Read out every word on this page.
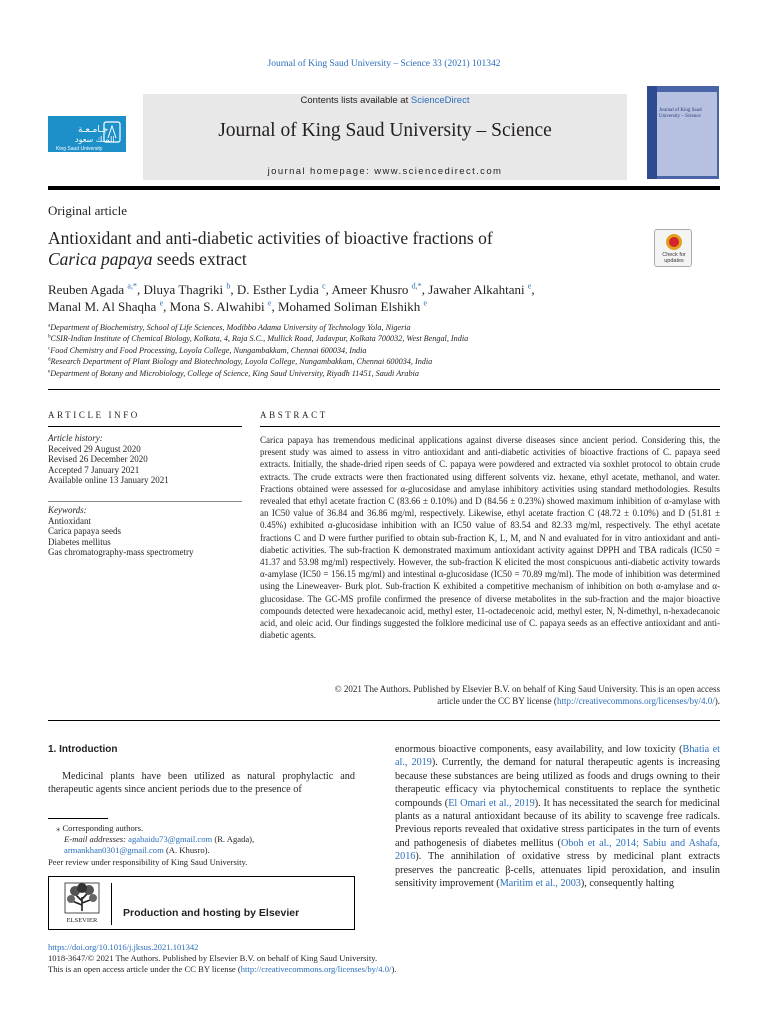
Journal of King Saud University – Science 33 (2021) 101342
جـامـعـة
الملك سعود
King Saud University
Contents lists available at ScienceDirect
Journal of King Saud University – Science
journal homepage: www.sciencedirect.com
Journal of King Saud University – Science
Original article
Antioxidant and anti-diabetic activities of bioactive fractions of
Carica papaya seeds extract	Check for updates
Reuben Agada $^{a,*}$, Dluya Thagriki $^b$, D. Esther Lydia $^c$, Ameer Khusro $^{d,*}$, Jawaher Alkahtani $^e$,
Manal M. Al Shaqha $^e$, Mona S. Alwahibi $^e$, Mohamed Soliman Elshikh $^e$
$^a$Department of Biochemistry, School of Life Sciences, Modibbo Adama University of Technology Yola, Nigeria
$^b$CSIR-Indian Institute of Chemical Biology, Kolkata, 4, Raja S.C., Mullick Road, Jadavpur, Kolkata 700032, West Bengal, India
$^c$Food Chemistry and Food Processing, Loyola College, Nungambakkam, Chennai 600034, India
$^d$Research Department of Plant Biology and Biotechnology, Loyola College, Nungambakkam, Chennai 600034, India
$^e$Department of Botany and Microbiology, College of Science, King Saud University, Riyadh 11451, Saudi Arabia
ARTICLE INFO
Article history:
Received 29 August 2020
Revised 26 December 2020
Accepted 7 January 2021
Available online 13 January 2021
Keywords:
Antioxidant
Carica papaya seeds
Diabetes mellitus
Gas chromatography-mass spectrometry
ABSTRACT
Carica papaya has tremendous medicinal applications against diverse diseases since ancient period. Considering this, the present study was aimed to assess in vitro antioxidant and anti-diabetic activities of bioactive fractions of C. papaya seed extracts. Initially, the shade-dried ripen seeds of C. papaya were powdered and extracted via soxhlet protocol to obtain crude extracts. The crude extracts were then fractionated using different solvents viz. hexane, ethyl acetate, methanol, and water. Fractions obtained were assessed for α-glucosidase and amylase inhibitory activities using standard methodologies. Results revealed that ethyl acetate fraction C (83.66 ± 0.10%) and D (84.56 ± 0.23%) showed maximum inhibition of α-amylase with an IC50 value of 36.84 and 36.86 mg/ml, respectively. Likewise, ethyl acetate fraction C (48.72 ± 0.10%) and D (51.81 ± 0.45%) exhibited α-glucosidase inhibition with an IC50 value of 83.54 and 82.33 mg/ml, respectively. The ethyl acetate fractions C and D were further purified to obtain sub-fraction K, L, M, and N and evaluated for in vitro antioxidant and anti-diabetic activities. The sub-fraction K demonstrated maximum antioxidant activity against DPPH and TBA radicals (IC50 = 41.37 and 53.98 mg/ml) respectively. However, the sub-fraction K elicited the most conspicuous anti-diabetic activity towards α-amylase (IC50 = 156.15 mg/ml) and intestinal α-glucosidase (IC50 = 70.89 mg/ml). The mode of inhibition was determined using the Lineweaver- Burk plot. Sub-fraction K exhibited a competitive mechanism of inhibition on both α-amylase and α-glucosidase. The GC-MS profile confirmed the presence of diverse metabolites in the sub-fraction and the major bioactive compounds detected were hexadecanoic acid, methyl ester, 11-octadecenoic acid, methyl ester, N, N-dimethyl, n-hexadecanoic acid, and oleic acid. Our findings suggested the folklore medicinal use of C. papaya seeds as an effective antioxidant and anti-diabetic agents.
© 2021 The Authors. Published by Elsevier B.V. on behalf of King Saud University. This is an open access
article under the CC BY license (http://creativecommons.org/licenses/by/4.0/).
1. Introduction
Medicinal plants have been utilized as natural prophylactic and therapeutic agents since ancient periods due to the presence of
enormous bioactive components, easy availability, and low toxicity (Bhatia et al., 2019). Currently, the demand for natural therapeutic agents is increasing because these substances are being utilized as foods and drugs owning to their therapeutic efficacy via phytochemical constituents to replace the synthetic compounds (El Omari et al., 2019). It has necessitated the search for medicinal plants as a natural antioxidant because of its ability to scavenge free radicals. Previous reports revealed that oxidative stress participates in the turn of events and pathogenesis of diabetes mellitus (Oboh et al., 2014; Sabiu and Ashafa, 2016). The annihilation of oxidative stress by medicinal plant extracts preserves the pancreatic β-cells, attenuates lipid peroxidation, and insulin sensitivity improvement (Maritim et al., 2003), consequently halting
⁎ Corresponding authors.
E-mail addresses: agabaidu73@gmail.com (R. Agada), armankhan0301@gmail.com (A. Khusro).
Peer review under responsibility of King Saud University.
ELSEVIER
Production and hosting by Elsevier
https://doi.org/10.1016/j.jksus.2021.101342
1018-3647/© 2021 The Authors. Published by Elsevier B.V. on behalf of King Saud University.
This is an open access article under the CC BY license (http://creativecommons.org/licenses/by/4.0/).
